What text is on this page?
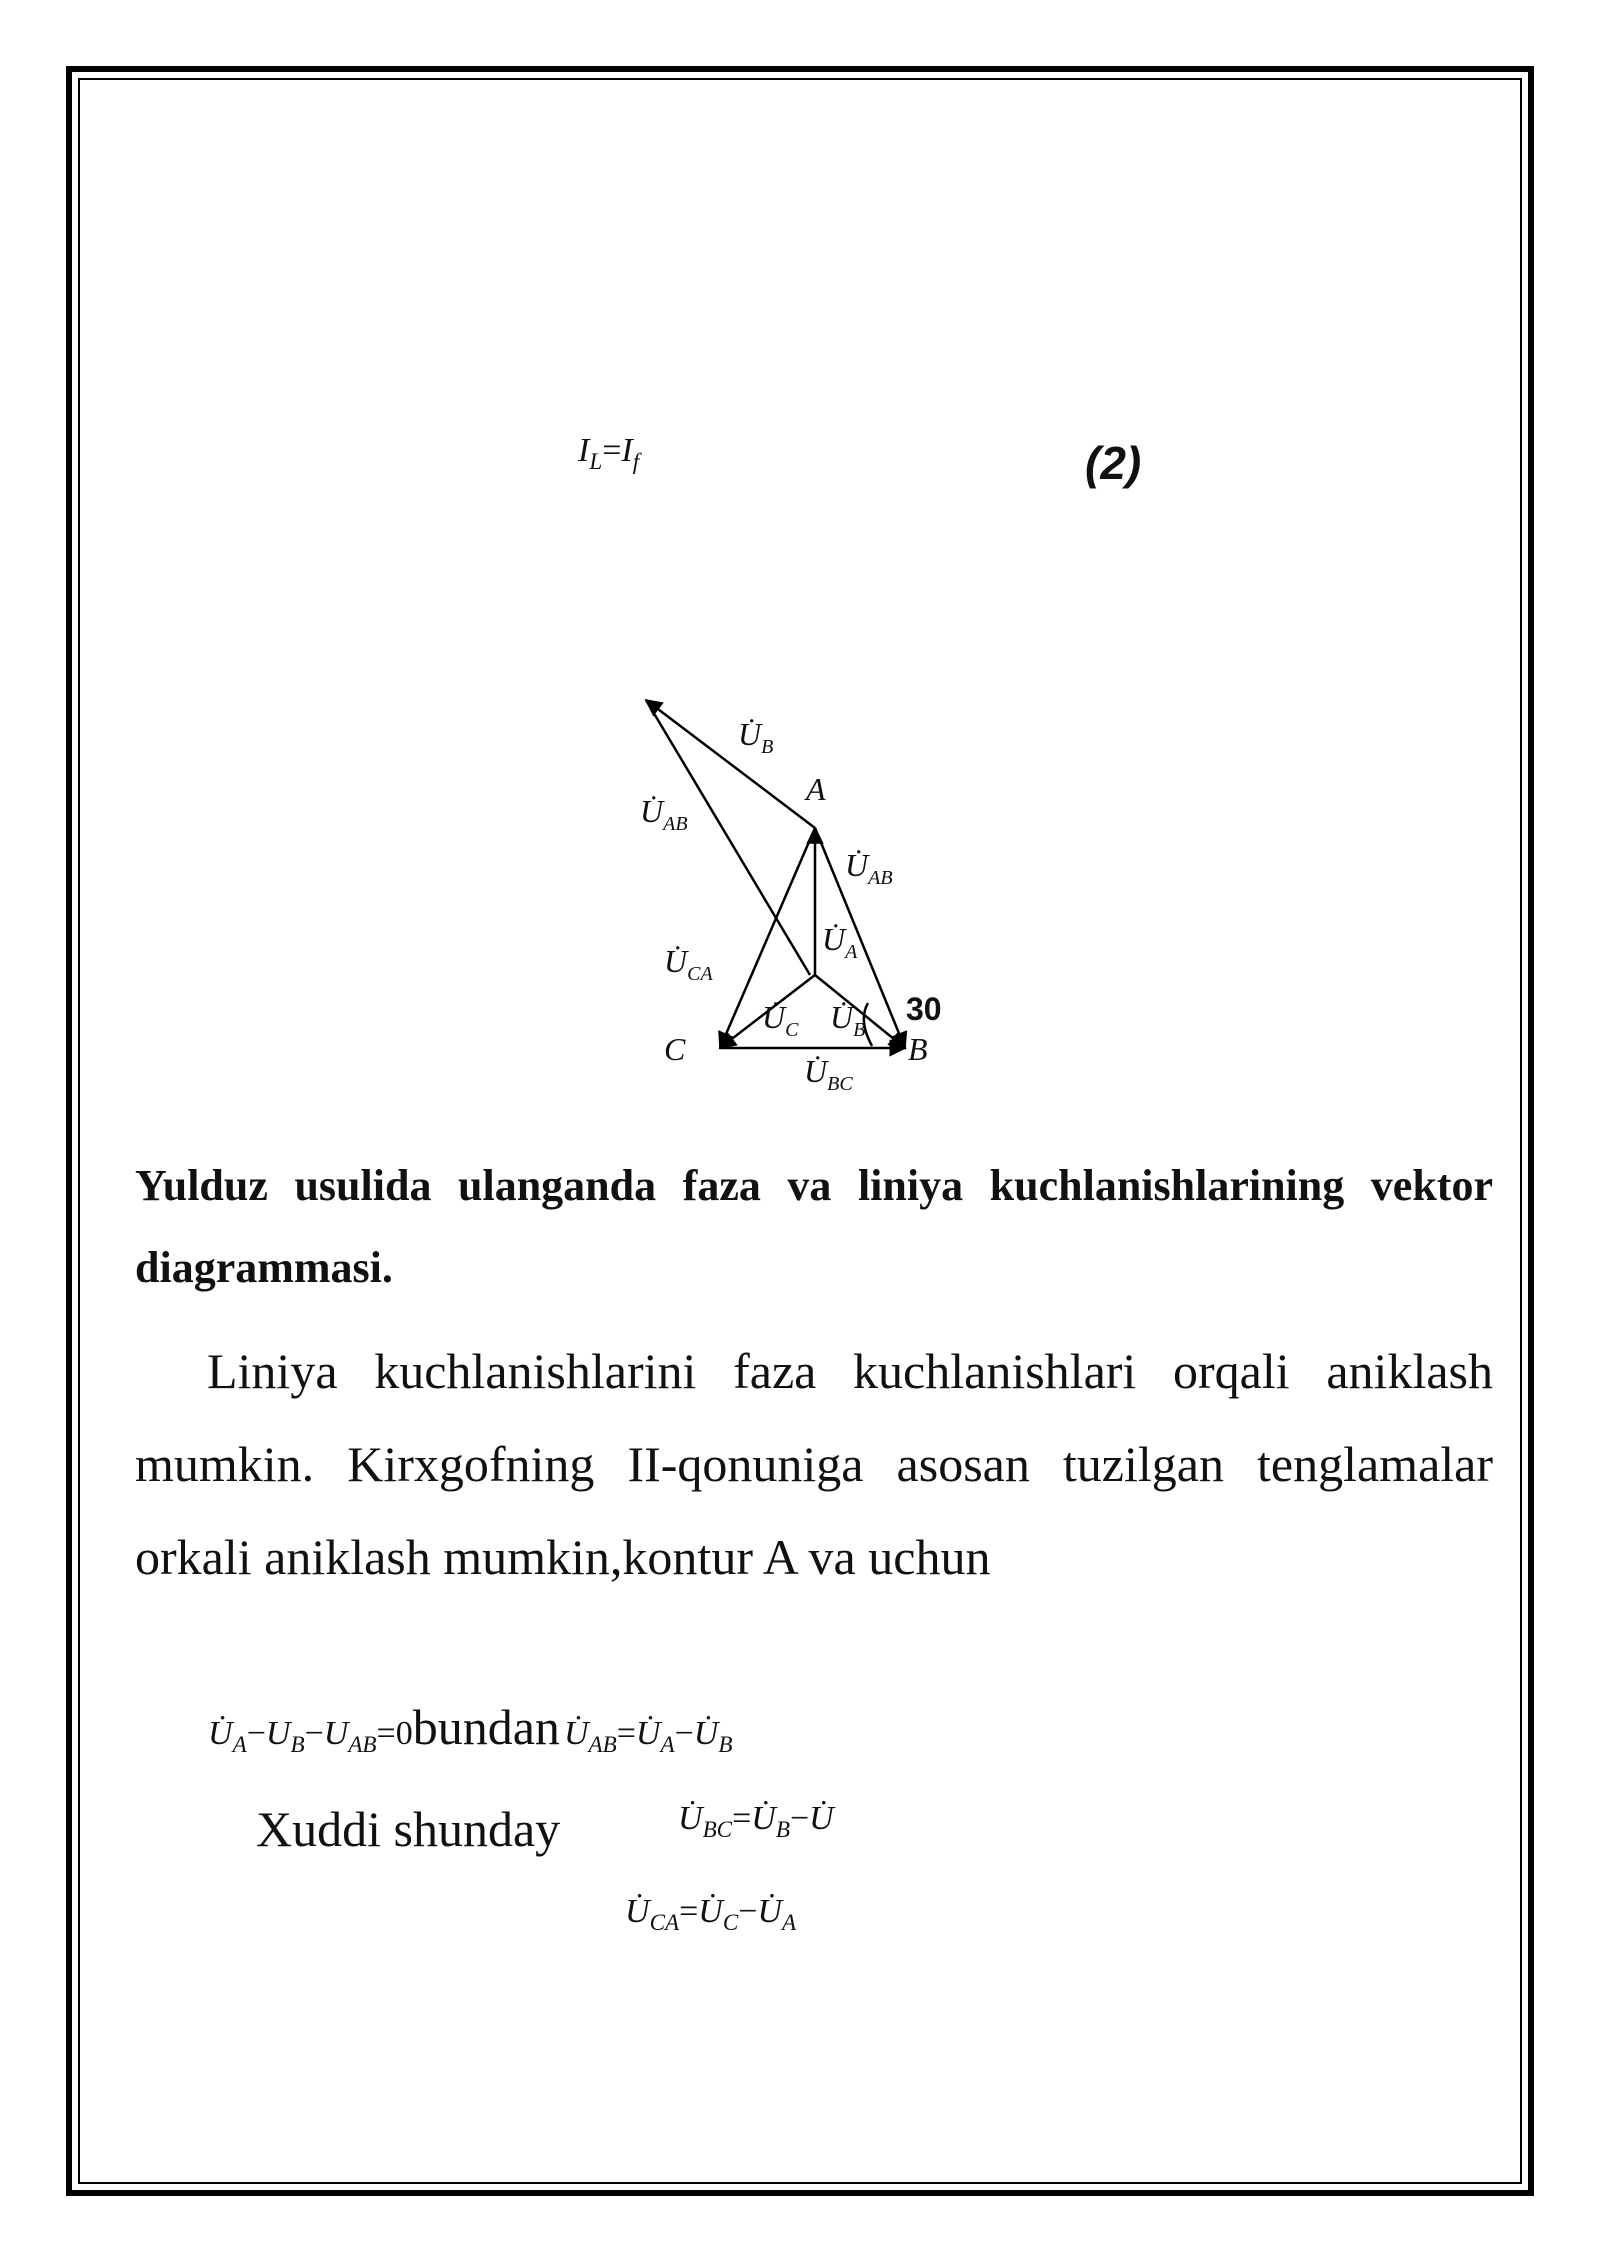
$I_L=I_f$	(2)
$U̇_B$
A
$U̇_{AB}$
$U̇_{AB}$
$U̇_A$
$U̇_{CA}$
$U̇_C$ $U̇_B$
30
C	B
$U̇_{BC}$
Yulduz usulida ulanganda faza va liniya kuchlanishlarining vektor diagrammasi.
Liniya kuchlanishlarini faza kuchlanishlari orqali aniklash mumkin. Kirxgofning II-qonuniga asosan tuzilgan tenglamalar orkali aniklash mumkin,kontur A va uchun
$U̇_A-U_B-U_{AB}=0bundan$ $U̇_{AB}=U̇_A-U̇_B$
Xuddi shunday	$U̇_{BC}=U̇_B-U̇$
$U̇_{CA}=U̇_C-U̇_A$
